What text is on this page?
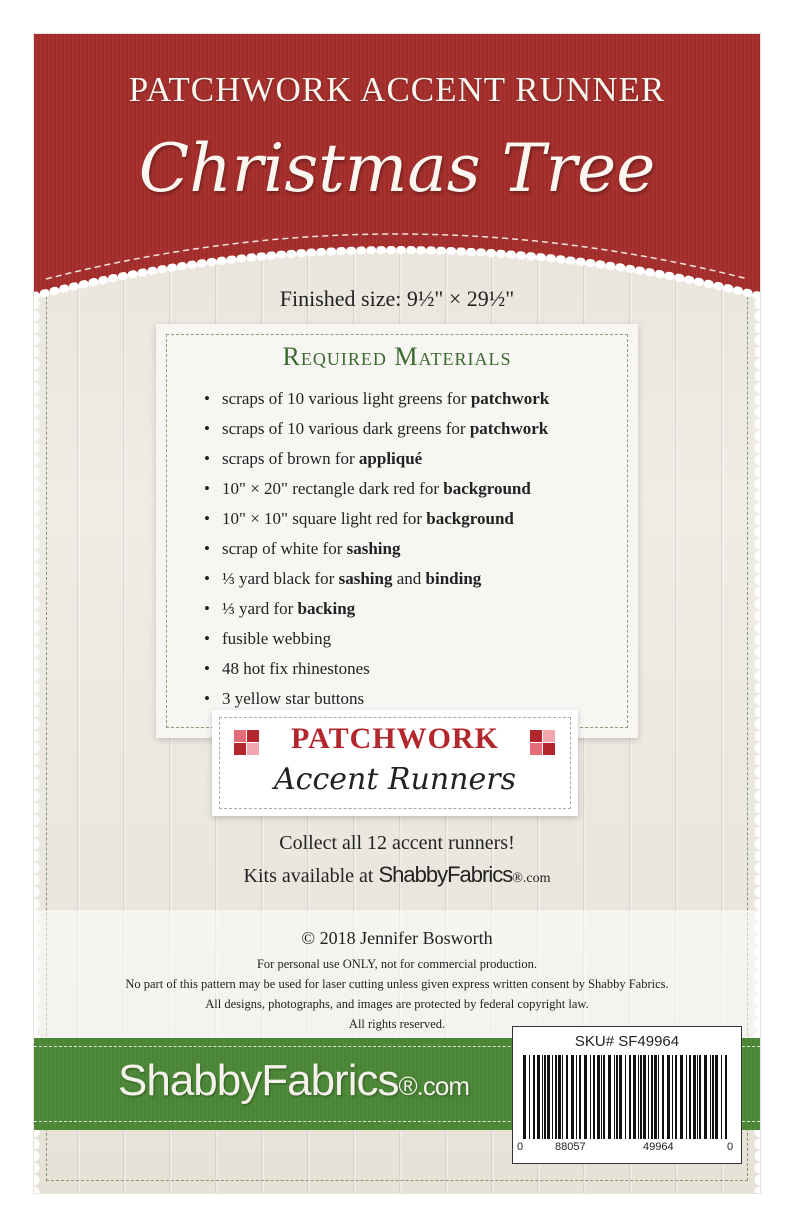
PATCHWORK ACCENT RUNNER
Christmas Tree
Finished size: 9½" × 29½"
Required Materials
• scraps of 10 various light greens for patchwork
• scraps of 10 various dark greens for patchwork
• scraps of brown for appliqué
• 10" × 20" rectangle dark red for background
• 10" × 10" square light red for background
• scrap of white for sashing
• ⅓ yard black for sashing and binding
• ⅓ yard for backing
• fusible webbing
• 48 hot fix rhinestones
• 3 yellow star buttons
PATCHWORK
Accent Runners
Collect all 12 accent runners!
Kits available at ShabbyFabrics®.com
© 2018 Jennifer Bosworth
For personal use ONLY, not for commercial production.
No part of this pattern may be used for laser cutting unless given express written consent by Shabby Fabrics.
All designs, photographs, and images are protected by federal copyright law.
All rights reserved.
ShabbyFabrics®.com
SKU# SF49964
0	88057	49964	0
